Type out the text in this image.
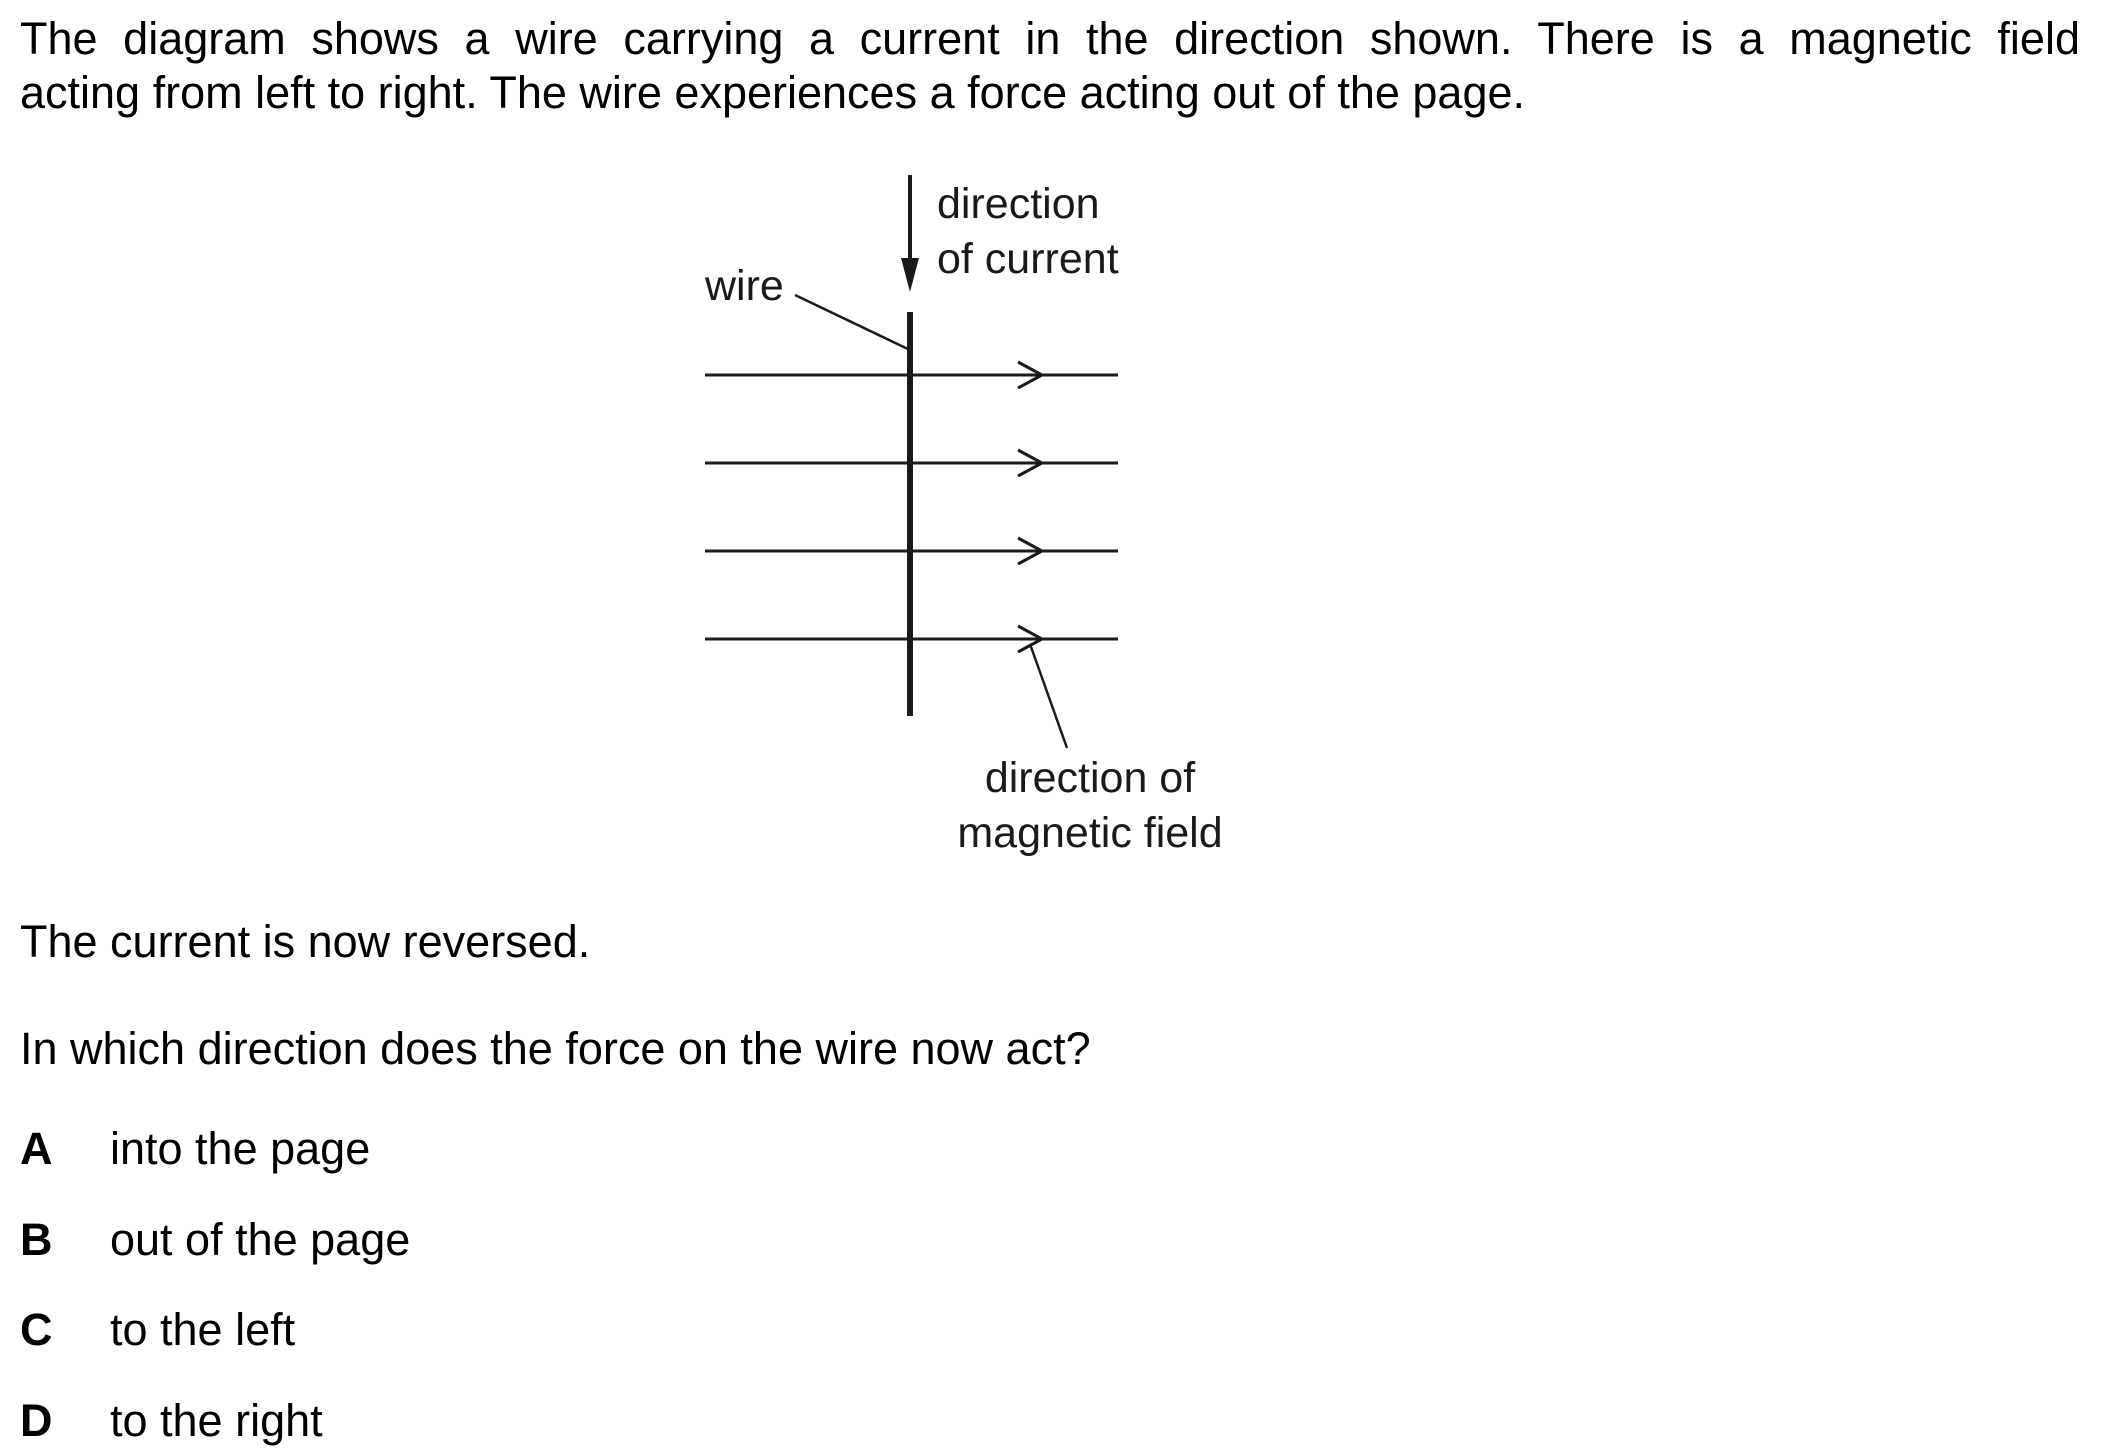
The diagram shows a wire carrying a current in the direction shown. There is a magnetic field
acting from left to right. The wire experiences a force acting out of the page.

direction
of current
wire
direction of
magnetic field

The current is now reversed.

In which direction does the force on the wire now act?

A	into the page
B	out of the page
C	to the left
D	to the right
